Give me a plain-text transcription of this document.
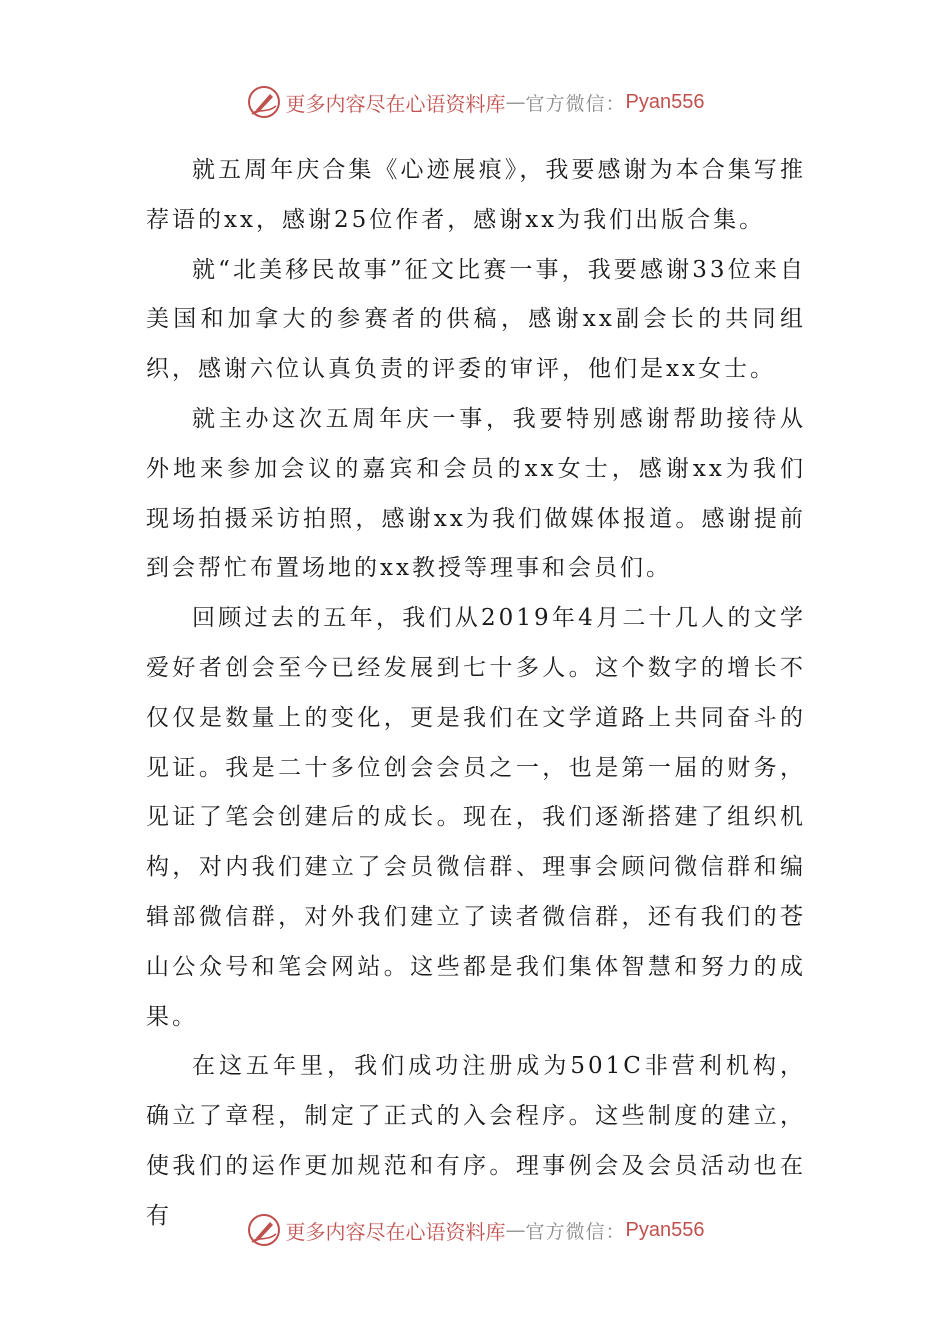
更多内容尽在心语资料库 — 官方微信： Pyan556

就五周年庆合集《心迹展痕》，我要感谢为本合集写推荐语的xx，感谢25位作者，感谢xx为我们出版合集。

就“北美移民故事”征文比赛一事，我要感谢33位来自美国和加拿大的参赛者的供稿，感谢xx副会长的共同组织，感谢六位认真负责的评委的审评，他们是xx女士。

就主办这次五周年庆一事，我要特别感谢帮助接待从外地来参加会议的嘉宾和会员的xx女士，感谢xx为我们现场拍摄采访拍照，感谢xx为我们做媒体报道。感谢提前到会帮忙布置场地的xx教授等理事和会员们。

回顾过去的五年，我们从2019年4月二十几人的文学爱好者创会至今已经发展到七十多人。这个数字的增长不仅仅是数量上的变化，更是我们在文学道路上共同奋斗的见证。我是二十多位创会会员之一，也是第一届的财务，见证了笔会创建后的成长。现在，我们逐渐搭建了组织机构，对内我们建立了会员微信群、理事会顾问微信群和编辑部微信群，对外我们建立了读者微信群，还有我们的苍山公众号和笔会网站。这些都是我们集体智慧和努力的成果。

在这五年里，我们成功注册成为501C非营利机构，确立了章程，制定了正式的入会程序。这些制度的建立，使我们的运作更加规范和有序。理事例会及会员活动也在有

更多内容尽在心语资料库 — 官方微信： Pyan556
